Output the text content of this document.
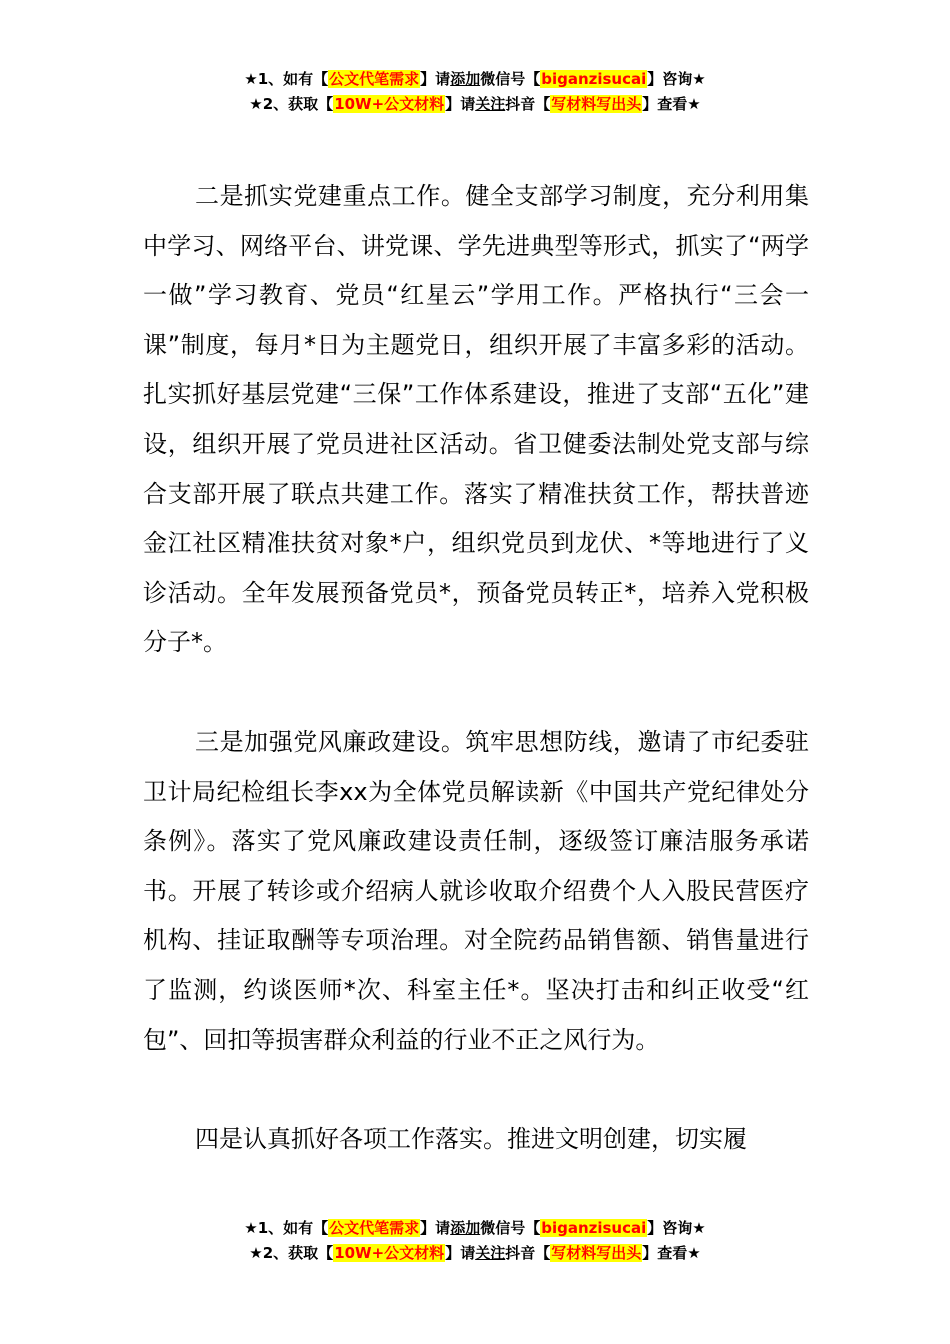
★1、如有【公文代笔需求】请添加微信号【biganzisucai】咨询★
★2、获取【10W+公文材料】请关注抖音【写材料写出头】查看★

二是抓实党建重点工作。健全支部学习制度，充分利用集中学习、网络平台、讲党课、学先进典型等形式，抓实了“两学一做”学习教育、党员“红星云”学用工作。严格执行“三会一课”制度，每月*日为主题党日，组织开展了丰富多彩的活动。扎实抓好基层党建“三保”工作体系建设，推进了支部“五化”建设，组织开展了党员进社区活动。省卫健委法制处党支部与综合支部开展了联点共建工作。落实了精准扶贫工作，帮扶普迹金江社区精准扶贫对象*户，组织党员到龙伏、*等地进行了义诊活动。全年发展预备党员*，预备党员转正*，培养入党积极分子*。

三是加强党风廉政建设。筑牢思想防线，邀请了市纪委驻卫计局纪检组长李xx为全体党员解读新《中国共产党纪律处分条例》。落实了党风廉政建设责任制，逐级签订廉洁服务承诺书。开展了转诊或介绍病人就诊收取介绍费个人入股民营医疗机构、挂证取酬等专项治理。对全院药品销售额、销售量进行了监测，约谈医师*次、科室主任*。坚决打击和纠正收受“红包”、回扣等损害群众利益的行业不正之风行为。

四是认真抓好各项工作落实。推进文明创建，切实履

★1、如有【公文代笔需求】请添加微信号【biganzisucai】咨询★
★2、获取【10W+公文材料】请关注抖音【写材料写出头】查看★
